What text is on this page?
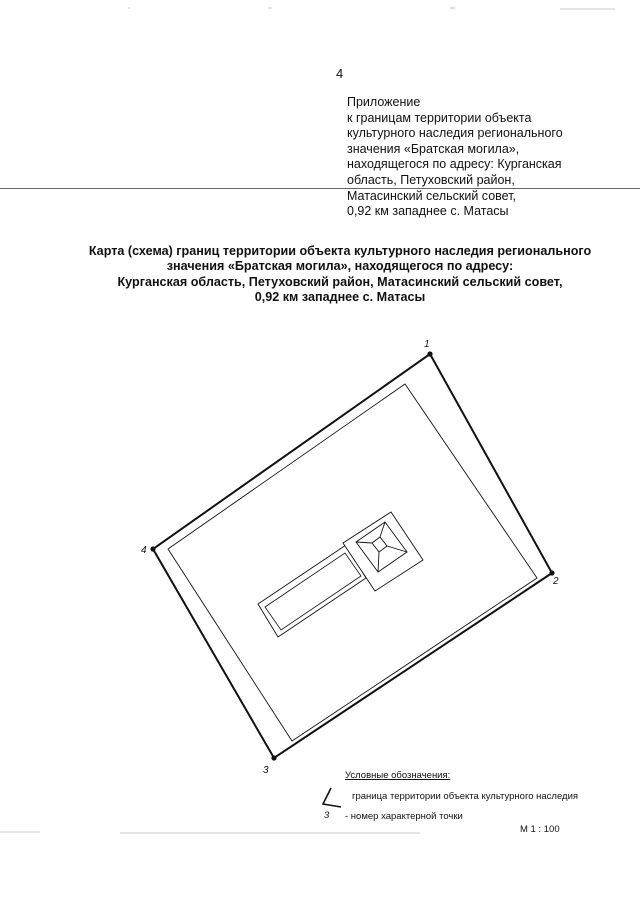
4
Приложение
к границам территории объекта
культурного наследия регионального
значения «Братская могила»,
находящегося по адресу: Курганская
область, Петуховский район,
Матасинский сельский совет,
0,92 км западнее с. Матасы
Карта (схема) границ территории объекта культурного наследия регионального
значения «Братская могила», находящегося по адресу:
Курганская область, Петуховский район, Матасинский сельский совет,
0,92 км западнее с. Матасы
1
2
3
4
Условные обозначения:
граница территории объекта культурного наследия
3 - номер характерной точки
М 1 : 100
